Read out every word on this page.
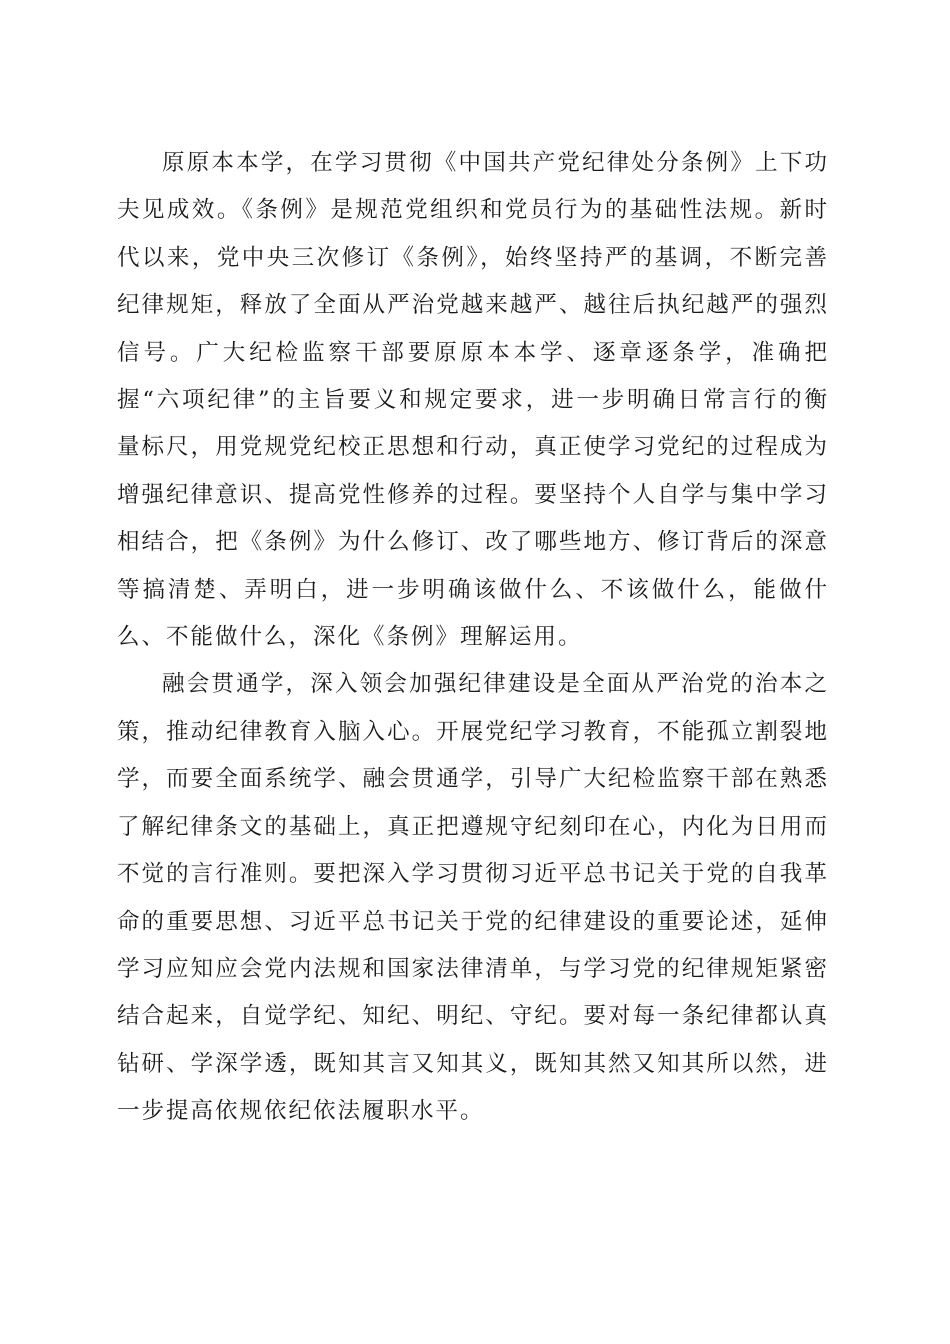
原原本本学，在学习贯彻《中国共产党纪律处分条例》上下功夫见成效。《条例》是规范党组织和党员行为的基础性法规。新时代以来，党中央三次修订《条例》，始终坚持严的基调，不断完善纪律规矩，释放了全面从严治党越来越严、越往后执纪越严的强烈信号。广大纪检监察干部要原原本本学、逐章逐条学，准确把握“六项纪律”的主旨要义和规定要求，进一步明确日常言行的衡量标尺，用党规党纪校正思想和行动，真正使学习党纪的过程成为增强纪律意识、提高党性修养的过程。要坚持个人自学与集中学习相结合，把《条例》为什么修订、改了哪些地方、修订背后的深意等搞清楚、弄明白，进一步明确该做什么、不该做什么，能做什么、不能做什么，深化《条例》理解运用。

融会贯通学，深入领会加强纪律建设是全面从严治党的治本之策，推动纪律教育入脑入心。开展党纪学习教育，不能孤立割裂地学，而要全面系统学、融会贯通学，引导广大纪检监察干部在熟悉了解纪律条文的基础上，真正把遵规守纪刻印在心，内化为日用而不觉的言行准则。要把深入学习贯彻习近平总书记关于党的自我革命的重要思想、习近平总书记关于党的纪律建设的重要论述，延伸学习应知应会党内法规和国家法律清单，与学习党的纪律规矩紧密结合起来，自觉学纪、知纪、明纪、守纪。要对每一条纪律都认真钻研、学深学透，既知其言又知其义，既知其然又知其所以然，进一步提高依规依纪依法履职水平。
